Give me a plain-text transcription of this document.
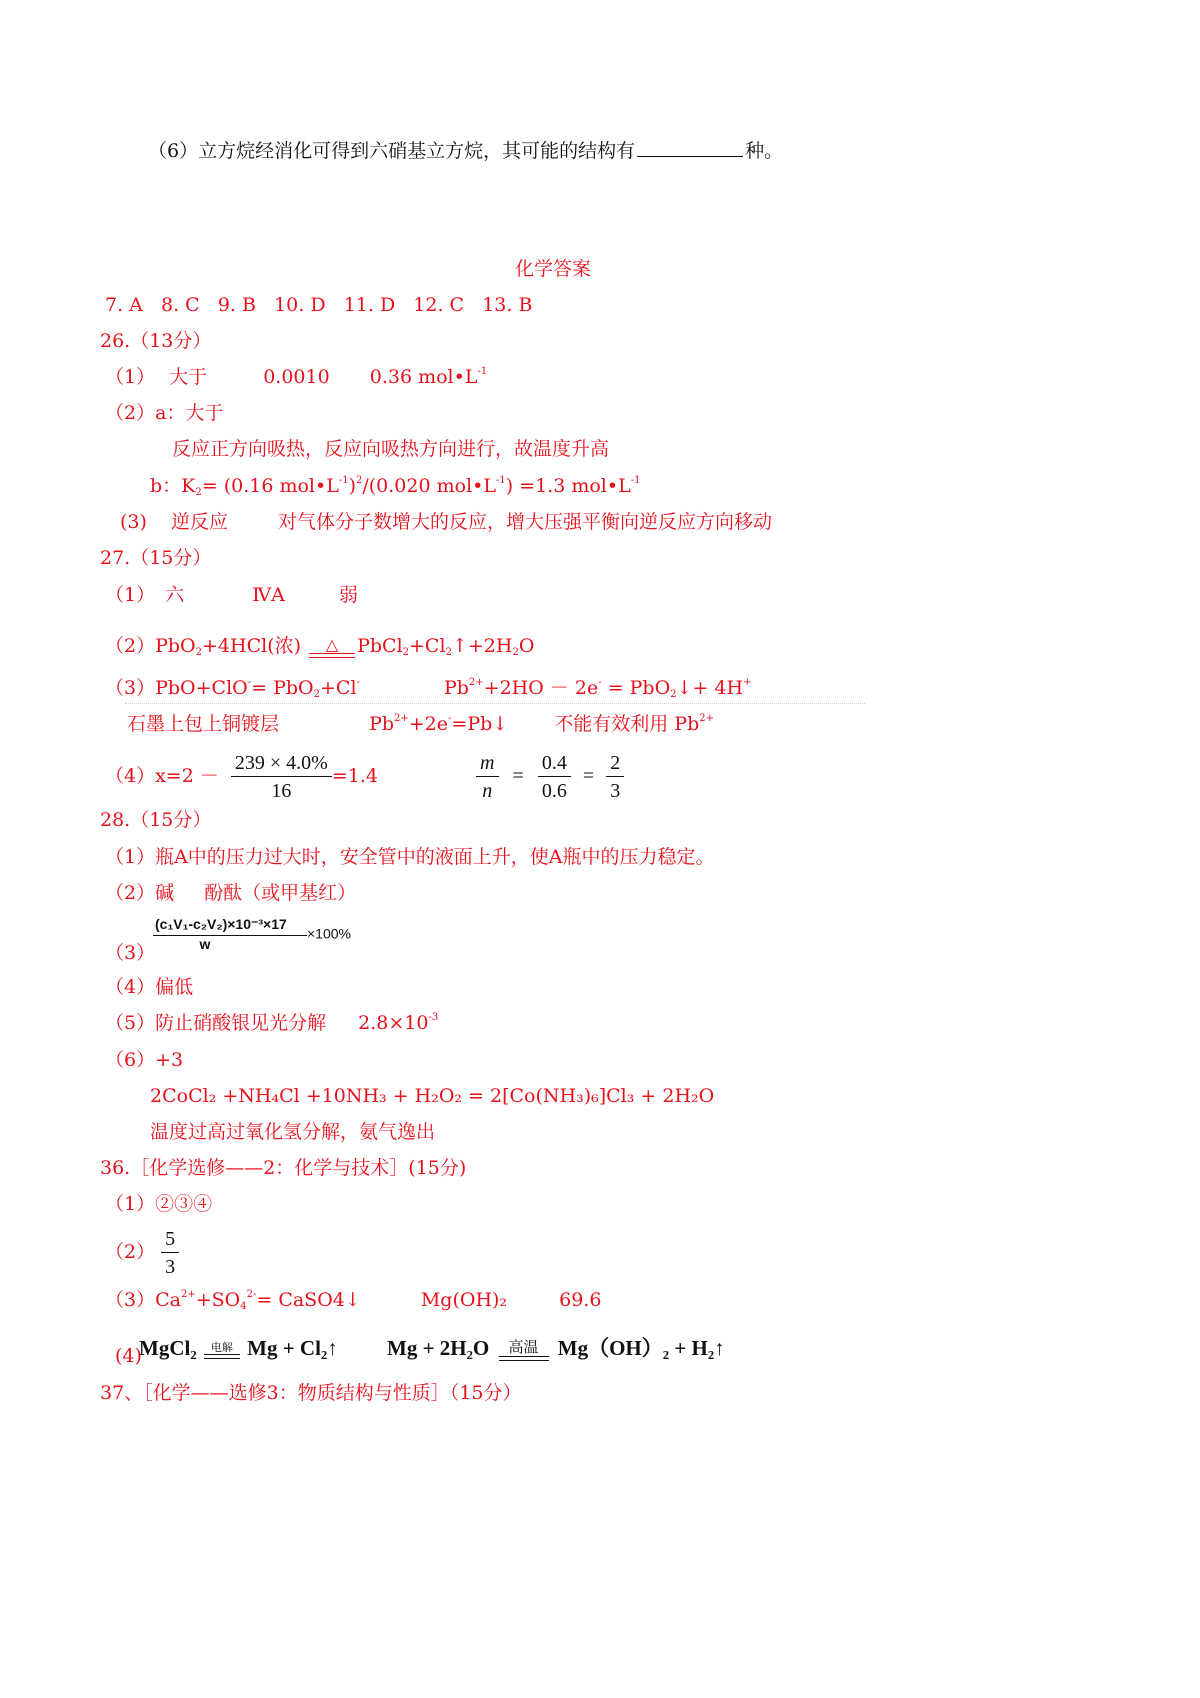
（6）立方烷经消化可得到六硝基立方烷，其可能的结构有	种。
化学答案
7. A   8. C   9. B   10. D   11. D   12. C   13. B
26.（13分）
（1） 大于	0.0010 0.36 $mol•L^{-1}$
（2）a：大于
反应正方向吸热，反应向吸热方向进行，故温度升高
b：$K_2= (0.16$ $mol•L^{-1})^2/(0.020$ $mol•L^{-1}) =1.3$ $mol•L^{-1}$
(3) 逆反应	对气体分子数增大的反应，增大压强平衡向逆反应方向移动
27.（15分）
（1） 六	ⅣA	弱
（2）PbO$_2$+4HCl(浓) △ $PbCl_2+Cl_2↑+2H_2O$
（3）PbO+ClO-= PbO$_2$+Cl-	$Pb^{2+}+2HO - 2e^-$ = PbO$_2$↓+ 4H+
石墨上包上铜镀层	$Pb^{2+}+2e^-=Pb↓$ 不能有效利用 $Pb^{2+}$
$(4)x=2 - \frac{239 \times 4.0\%}{16} =1.4$	$\frac{m}{n} = \frac{0.4}{0.6} = \frac{2}{3}$
28.（15分）
（1）瓶A中的压力过大时，安全管中的液面上升，使A瓶中的压力稳定。
（2）碱 酚酞（或甲基红）
（3）
$\frac{\text{(c₁V₁-c₂V₂)×10⁻³×17}}{w} \times 100\%$
（4）偏低
（5）防止硝酸银见光分解 $2.8\times 10^{-3}$
（6）+3
2CoCl₂ +NH₄Cl +10NH₃ + H₂O₂ = 2[Co(NH₃)₆]Cl₃ + 2H₂O
温度过高过氧化氢分解，氨气逸出
36.［化学选修——2：化学与技术］(15分)
（1）②③④
$(2) \frac{5}{3}$
$(3)Ca^{2+}+SO_4^{2-}=$ CaSO4↓	Mg(OH)₂	69.6
(4)
MgCl₂ 电解 Mg + Cl₂↑ Mg + 2H₂O 高温 Mg（OH）₂ + H₂↑
37、［化学——选修3：物质结构与性质］（15分）
